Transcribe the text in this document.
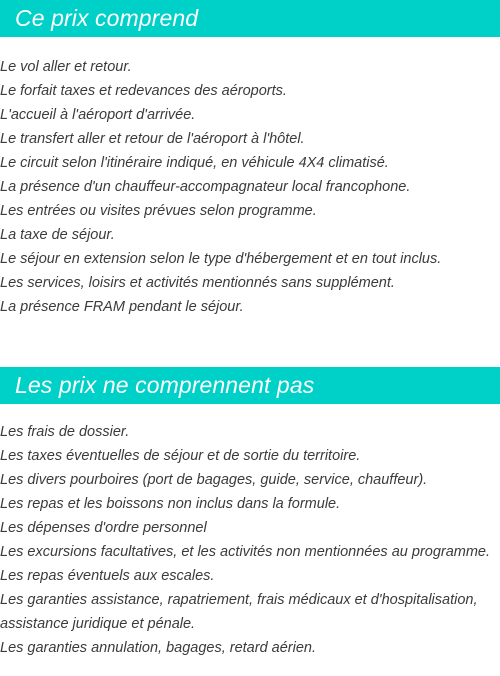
Ce prix comprend
Le vol aller et retour.
Le forfait taxes et redevances des aéroports.
L'accueil à l'aéroport d'arrivée.
Le transfert aller et retour de l'aéroport à l'hôtel.
Le circuit selon l'itinéraire indiqué, en véhicule 4X4 climatisé.
La présence d'un chauffeur-accompagnateur local francophone.
Les entrées ou visites prévues selon programme.
La taxe de séjour.
Le séjour en extension selon le type d'hébergement et en tout inclus.
Les services, loisirs et activités mentionnés sans supplément.
La présence FRAM pendant le séjour.
Les prix ne comprennent pas
Les frais de dossier.
Les taxes éventuelles de séjour et de sortie du territoire.
Les divers pourboires (port de bagages, guide, service, chauffeur).
Les repas et les boissons non inclus dans la formule.
Les dépenses d'ordre personnel
Les excursions facultatives, et les activités non mentionnées au programme.
Les repas éventuels aux escales.
Les garanties assistance, rapatriement, frais médicaux et d'hospitalisation,
assistance juridique et pénale.
Les garanties annulation, bagages, retard aérien.
